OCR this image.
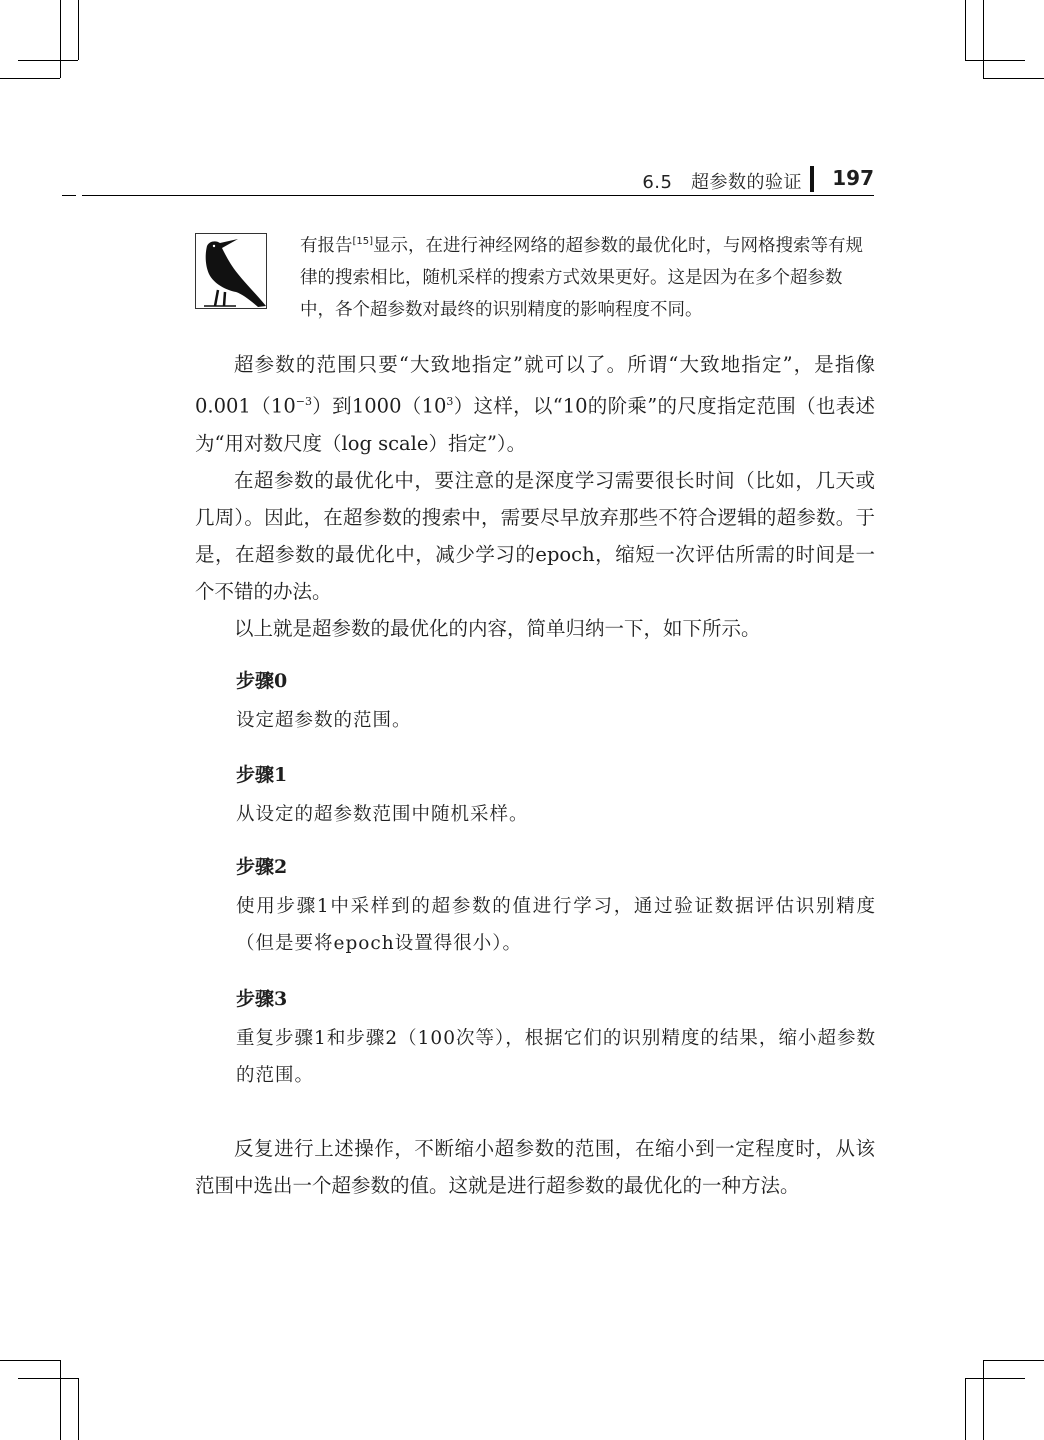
6.5　超参数的验证 197
有报告[15]显示，在进行神经网络的超参数的最优化时，与网格搜索等有规律的搜索相比，随机采样的搜索方式效果更好。这是因为在多个超参数中，各个超参数对最终的识别精度的影响程度不同。

超参数的范围只要“大致地指定”就可以了。所谓“大致地指定”，是指像$0.001(10^{-3})$到$1000(10^3)$这样，以“10的阶乘”的尺度指定范围（也表述为“用对数尺度（log scale）指定”）。

在超参数的最优化中，要注意的是深度学习需要很长时间（比如，几天或几周）。因此，在超参数的搜索中，需要尽早放弃那些不符合逻辑的超参数。于是，在超参数的最优化中，减少学习的epoch，缩短一次评估所需的时间是一个不错的办法。

以上就是超参数的最优化的内容，简单归纳一下，如下所示。

步骤0
设定超参数的范围。
步骤1
从设定的超参数范围中随机采样。
步骤2
使用步骤1中采样到的超参数的值进行学习，通过验证数据评估识别精度（但是要将epoch设置得很小）。
步骤3
重复步骤1和步骤2（100次等），根据它们的识别精度的结果，缩小超参数的范围。

反复进行上述操作，不断缩小超参数的范围，在缩小到一定程度时，从该范围中选出一个超参数的值。这就是进行超参数的最优化的一种方法。
